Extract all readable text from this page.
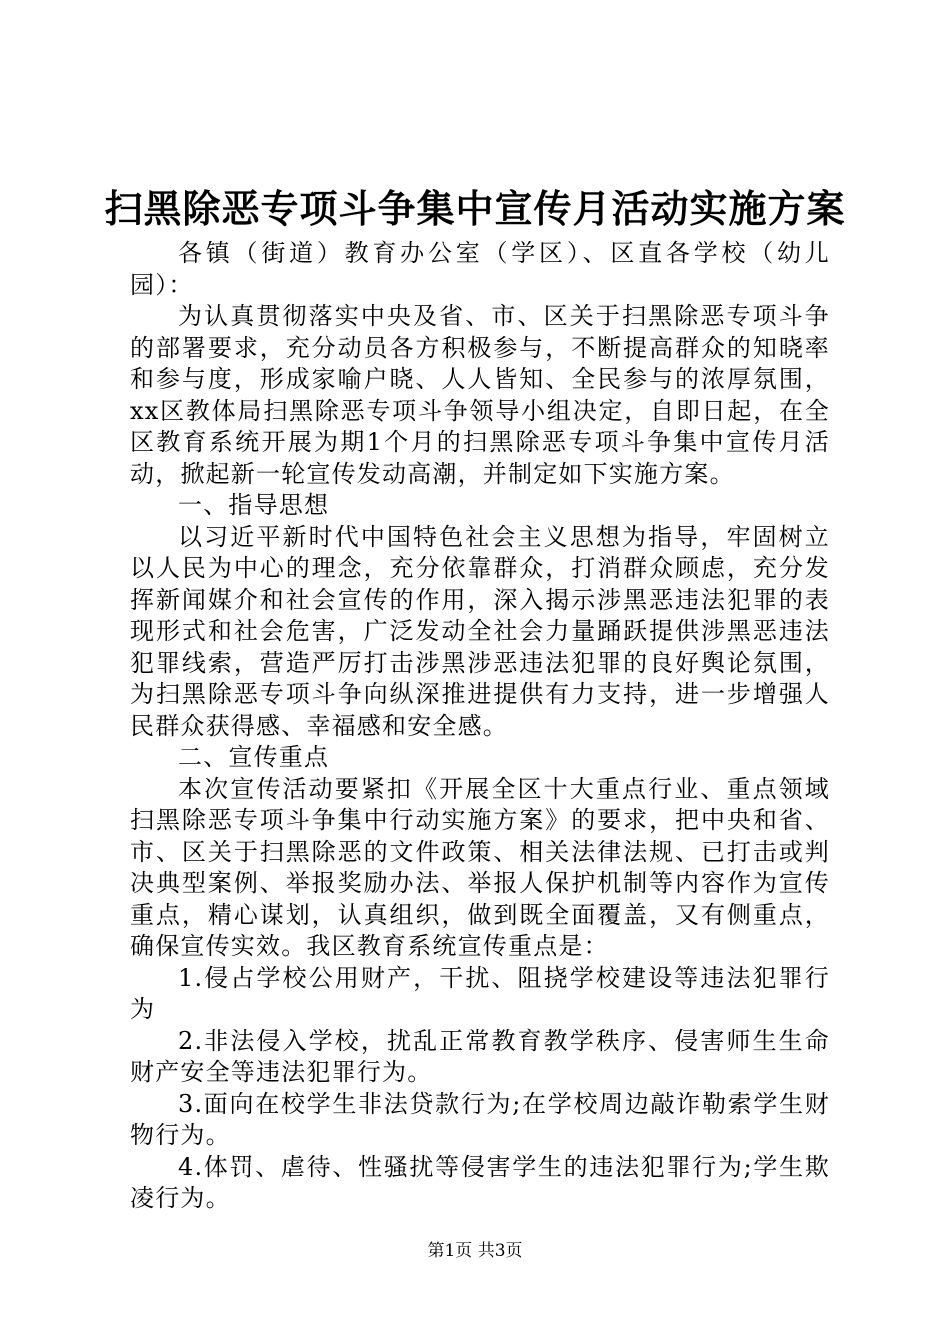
扫黑除恶专项斗争集中宣传月活动实施方案

各镇（街道）教育办公室（学区）、区直各学校（幼儿园）：

为认真贯彻落实中央及省、市、区关于扫黑除恶专项斗争的部署要求，充分动员各方积极参与，不断提高群众的知晓率和参与度，形成家喻户晓、人人皆知、全民参与的浓厚氛围，xx区教体局扫黑除恶专项斗争领导小组决定，自即日起，在全区教育系统开展为期1个月的扫黑除恶专项斗争集中宣传月活动，掀起新一轮宣传发动高潮，并制定如下实施方案。

一、指导思想

以习近平新时代中国特色社会主义思想为指导，牢固树立以人民为中心的理念，充分依靠群众，打消群众顾虑，充分发挥新闻媒介和社会宣传的作用，深入揭示涉黑恶违法犯罪的表现形式和社会危害，广泛发动全社会力量踊跃提供涉黑恶违法犯罪线索，营造严厉打击涉黑涉恶违法犯罪的良好舆论氛围，为扫黑除恶专项斗争向纵深推进提供有力支持，进一步增强人民群众获得感、幸福感和安全感。

二、宣传重点

本次宣传活动要紧扣《开展全区十大重点行业、重点领域扫黑除恶专项斗争集中行动实施方案》的要求，把中央和省、市、区关于扫黑除恶的文件政策、相关法律法规、已打击或判决典型案例、举报奖励办法、举报人保护机制等内容作为宣传重点，精心谋划，认真组织，做到既全面覆盖，又有侧重点，确保宣传实效。我区教育系统宣传重点是：

1.侵占学校公用财产，干扰、阻挠学校建设等违法犯罪行为

2.非法侵入学校，扰乱正常教育教学秩序、侵害师生生命财产安全等违法犯罪行为。

3.面向在校学生非法贷款行为;在学校周边敲诈勒索学生财物行为。

4.体罚、虐待、性骚扰等侵害学生的违法犯罪行为;学生欺凌行为。

第1页 共3页
